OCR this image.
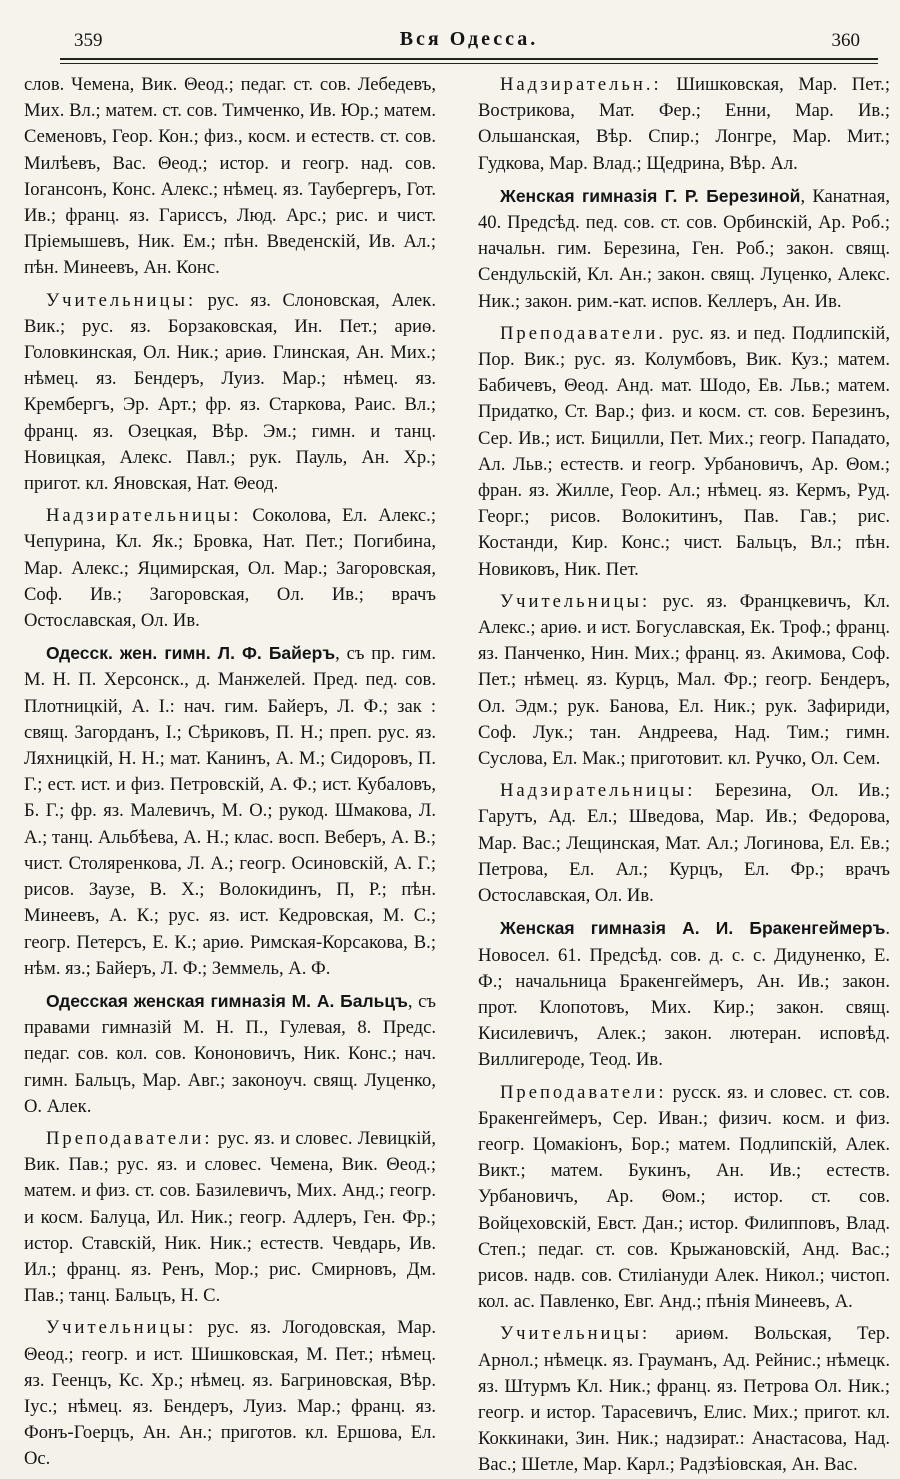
359	Вся Одесса.	360

слов. Чемена, Вик. Θеод.; педаг. ст. сов. Лебедевъ, Мих. Вл.; матем. ст. сов. Тимченко, Ив. Юр.; матем. Семеновъ, Геор. Кон.; физ., косм. и естеств. ст. сов. Милѣевъ, Вас. Θеод.; истор. и геогр. над. сов. Іогансонъ, Конс. Алекс.; нѣмец. яз. Таубергеръ, Гот. Ив.; франц. яз. Гариссъ, Люд. Арс.; рис. и чист. Пріемышевъ, Ник. Ем.; пѣн. Введенскій, Ив. Ал.; пѣн. Минеевъ, Ан. Конс.

Учительницы: рус. яз. Слоновская, Алек. Вик.; рус. яз. Борзаковская, Ин. Пет.; ариѳ. Головкинская, Ол. Ник.; ариѳ. Глинская, Ан. Мих.; нѣмец. яз. Бендеръ, Луиз. Мар.; нѣмец. яз. Крембергъ, Эр. Арт.; фр. яз. Старкова, Раис. Вл.; франц. яз. Озецкая, Вѣр. Эм.; гимн. и танц. Новицкая, Алекс. Павл.; рук. Пауль, Ан. Хр.; пригот. кл. Яновская, Нат. Θеод.

Надзирательницы: Соколова, Ел. Алекс.; Чепурина, Кл. Як.; Бровка, Нат. Пет.; Погибина, Мар. Алекс.; Яцимирская, Ол. Мар.; Загоровская, Соф. Ив.; Загоровская, Ол. Ив.; врачъ Остославская, Ол. Ив.

Одесск. жен. гимн. Л. Ф. Байеръ, съ пр. гим. М. Н. П. Херсонск., д. Манжелей. Пред. пед. сов. Плотницкій, А. І.: нач. гим. Байеръ, Л. Ф.; зак : свящ. Загорданъ, І.; Сѣриковъ, П. Н.; преп. рус. яз. Ляхницкій, Н. Н.; мат. Канинъ, А. М.; Сидоровъ, П. Г.; ест. ист. и физ. Петровскій, А. Ф.; ист. Кубаловъ, Б. Г.; фр. яз. Малевичъ, М. О.; рукод. Шмакова, Л. А.; танц. Альбѣева, А. Н.; клас. восп. Веберъ, А. В.; чист. Столяренкова, Л. А.; геогр. Осиновскій, А. Г.; рисов. Заузе, В. Х.; Волокидинъ, П, Р.; пѣн. Минеевъ, А. К.; рус. яз. ист. Кедровская, М. С.; геогр. Петерсъ, Е. К.; ариѳ. Римская-Корсакова, В.; нѣм. яз.; Байеръ, Л. Ф.; Земмель, А. Ф.

Одесская женская гимназія М. А. Бальцъ, съ правами гимназій М. Н. П., Гулевая, 8. Предс. педаг. сов. кол. сов. Кононовичъ, Ник. Конс.; нач. гимн. Бальцъ, Мар. Авг.; законоуч. свящ. Луценко, О. Алек.

Преподаватели: рус. яз. и словес. Левицкій, Вик. Пав.; рус. яз. и словес. Чемена, Вик. Θеод.; матем. и физ. ст. сов. Базилевичъ, Мих. Анд.; геогр. и косм. Балуца, Ил. Ник.; геогр. Адлеръ, Ген. Фр.; истор. Ставскій, Ник. Ник.; естеств. Чевдарь, Ив. Ил.; франц. яз. Ренъ, Мор.; рис. Смирновъ, Дм. Пав.; танц. Бальцъ, Н. С.

Учительницы: рус. яз. Логодовская, Мар. Θеод.; геогр. и ист. Шишковская, М. Пет.; нѣмец. яз. Геенцъ, Кс. Хр.; нѣмец. яз. Багриновская, Вѣр. Іус.; нѣмец. яз. Бендеръ, Луиз. Мар.; франц. яз. Фонъ-Гоерцъ, Ан. Ан.; приготов. кл. Ершова, Ел. Ос.

Надзирательн.: Шишковская, Мар. Пет.; Вострикова, Мат. Фер.; Енни, Мар. Ив.; Ольшанская, Вѣр. Спир.; Лонгре, Мар. Мит.; Гудкова, Мар. Влад.; Щедрина, Вѣр. Ал.

Женская гимназія Г. Р. Березиной, Канатная, 40. Предсѣд. пед. сов. ст. сов. Орбинскій, Ар. Роб.; начальн. гим. Березина, Ген. Роб.; закон. свящ. Сендульскій, Кл. Ан.; закон. свящ. Луценко, Алекс. Ник.; закон. рим.-кат. испов. Келлеръ, Ан. Ив.

Преподаватели. рус. яз. и пед. Подлипскій, Пор. Вик.; рус. яз. Колумбовъ, Вик. Куз.; матем. Бабичевъ, Θеод. Анд. мат. Шодо, Ев. Льв.; матем. Придатко, Ст. Вар.; физ. и косм. ст. сов. Березинъ, Сер. Ив.; ист. Бицилли, Пет. Мих.; геогр. Пападато, Ал. Льв.; естеств. и геогр. Урбановичъ, Ар. Θом.; фран. яз. Жилле, Геор. Ал.; нѣмец. яз. Кермъ, Руд. Георг.; рисов. Волокитинъ, Пав. Гав.; рис. Костанди, Кир. Конс.; чист. Бальцъ, Вл.; пѣн. Новиковъ, Ник. Пет.

Учительницы: рус. яз. Францкевичъ, Кл. Алекс.; ариѳ. и ист. Богуславская, Ек. Троф.; франц. яз. Панченко, Нин. Мих.; франц. яз. Акимова, Соф. Пет.; нѣмец. яз. Курцъ, Мал. Фр.; геогр. Бендеръ, Ол. Эдм.; рук. Банова, Ел. Ник.; рук. Зафириди, Соф. Лук.; тан. Андреева, Над. Тим.; гимн. Суслова, Ел. Мак.; приготовит. кл. Ручко, Ол. Сем.

Надзирательницы: Березина, Ол. Ив.; Гарутъ, Ад. Ел.; Шведова, Мар. Ив.; Федорова, Мар. Вас.; Лещинская, Мат. Ал.; Логинова, Ел. Ев.; Петрова, Ел. Ал.; Курцъ, Ел. Фр.; врачъ Остославская, Ол. Ив.

Женская гимназія А. И. Бракенгеймеръ. Новосел. 61. Предсѣд. сов. д. с. с. Дидуненко, Е. Ф.; начальница Бракенгеймеръ, Ан. Ив.; закон. прот. Клопотовъ, Мих. Кир.; закон. свящ. Кисилевичъ, Алек.; закон. лютеран. исповѣд. Виллигероде, Теод. Ив.

Преподаватели: русск. яз. и словес. ст. сов. Бракенгеймеръ, Сер. Иван.; физич. косм. и физ. геогр. Цомакіонъ, Бор.; матем. Подлипскій, Алек. Викт.; матем. Букинъ, Ан. Ив.; естеств. Урбановичъ, Ар. Θом.; истор. ст. сов. Войцеховскій, Евст. Дан.; истор. Филипповъ, Влад. Степ.; педаг. ст. сов. Крыжановскій, Анд. Вас.; рисов. надв. сов. Стиліануди Алек. Никол.; чистоп. кол. ас. Павленко, Евг. Анд.; пѣнія Минеевъ, А.

Учительницы: ариѳм. Вольская, Тер. Арнол.; нѣмецк. яз. Грауманъ, Ад. Рейнис.; нѣмецк. яз. Штурмъ Кл. Ник.; франц. яз. Петрова Ол. Ник.; геогр. и истор. Тарасевичъ, Елис. Мих.; пригот. кл. Коккинаки, Зин. Ник.; надзират.: Анастасова, Над. Вас.; Шетле, Мар. Карл.; Радзѣіовская, Ан. Вас.
